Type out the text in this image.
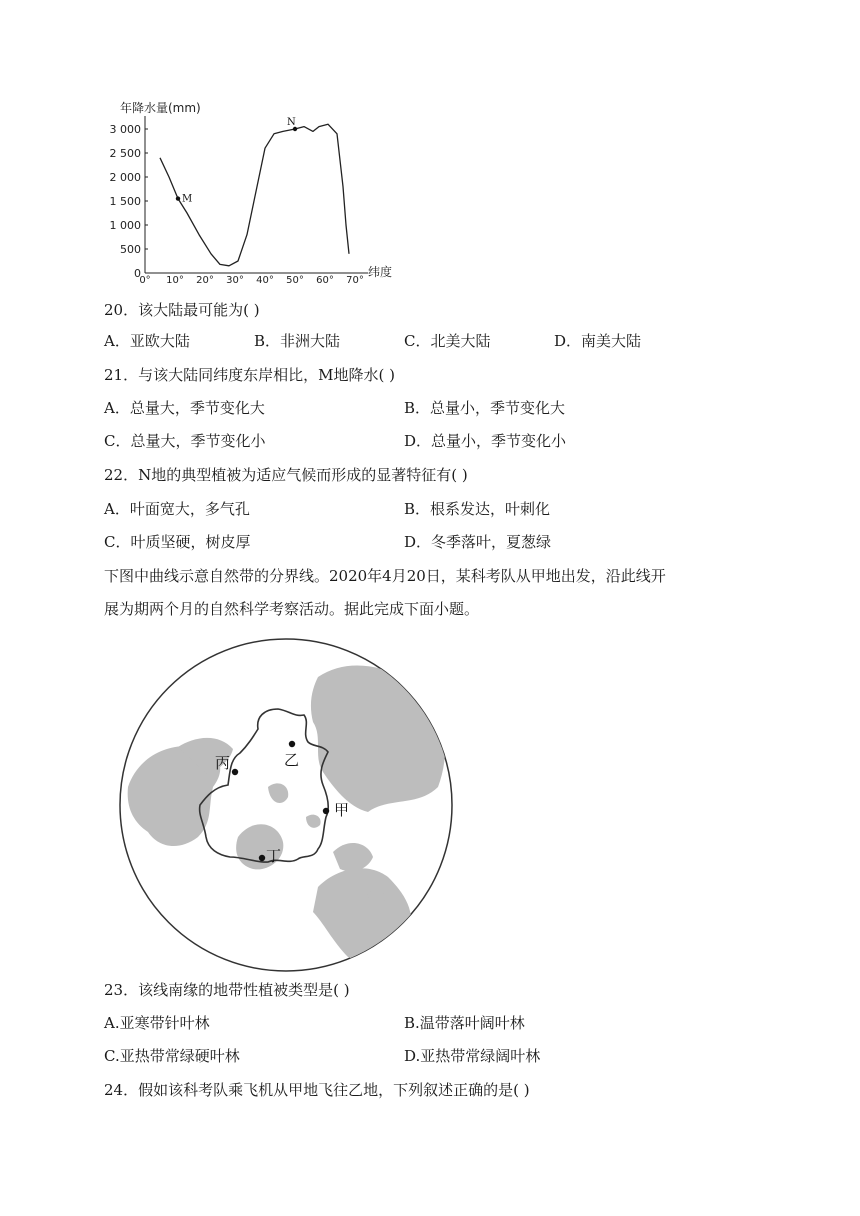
年降水量(mm)
纬度
3 000
2 500
2 000
1 500
1 000
500
0
0° 10° 20° 30° 40° 50° 60° 70°
M
N
20．该大陆最可能为( )
A．亚欧大陆	B．非洲大陆	C．北美大陆	D．南美大陆
21．与该大陆同纬度东岸相比，M地降水( )
A．总量大，季节变化大	B．总量小，季节变化大
C．总量大，季节变化小	D．总量小，季节变化小
22．N地的典型植被为适应气候而形成的显著特征有( )
A．叶面宽大，多气孔	B．根系发达，叶刺化
C．叶质坚硬，树皮厚	D．冬季落叶，夏葱绿
下图中曲线示意自然带的分界线。2020年4月20日，某科考队从甲地出发，沿此线开
展为期两个月的自然科学考察活动。据此完成下面小题。
丙	乙
甲
丁
23．该线南缘的地带性植被类型是( )
A.亚寒带针叶林	B.温带落叶阔叶林
C.亚热带常绿硬叶林	D.亚热带常绿阔叶林
24．假如该科考队乘飞机从甲地飞往乙地，下列叙述正确的是( )
